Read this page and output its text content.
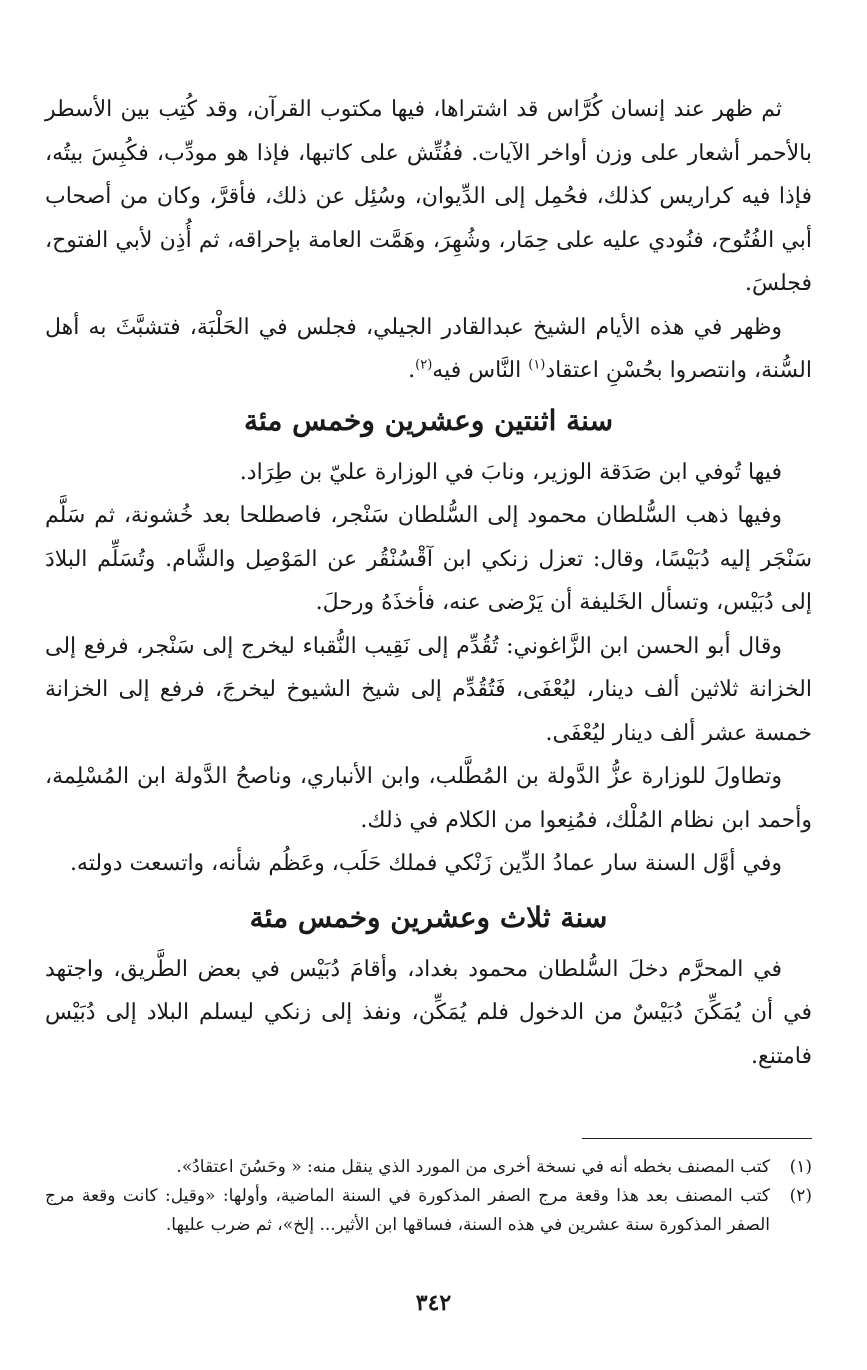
ثم ظهر عند إنسان كُرَّاس قد اشتراها، فيها مكتوب القرآن، وقد كُتِب بين الأسطر بالأحمر أشعار على وزن أواخر الآيات. ففُتِّش على كاتبها، فإذا هو مودِّب، فكُبِسَ بيتُه، فإذا فيه كراريس كذلك، فحُمِل إلى الدِّيوان، وسُئِل عن ذلك، فأقرَّ، وكان من أصحاب أبي الفُتُوح، فنُودي عليه على حِمَار، وشُهِرَ، وهَمَّت العامة بإحراقه، ثم أُذِن لأبي الفتوح، فجلسَ.

وظهر في هذه الأيام الشيخ عبدالقادر الجيلي، فجلس في الحَلْبَة، فتشبَّثَ به أهل السُّنة، وانتصروا بحُسْنِ اعتقاد$^{(١)}$ النَّاس فيه$^{(٢)}$.

سنة اثنتين وعشرين وخمس مئة

فيها تُوفي ابن صَدَقة الوزير، ونابَ في الوزارة عليّ بن طِرَاد.

وفيها ذهب السُّلطان محمود إلى السُّلطان سَنْجر، فاصطلحا بعد خُشونة، ثم سَلَّم سَنْجَر إليه دُبَيْسًا، وقال: تعزل زنكي ابن آقْسُنْقُر عن المَوْصِل والشَّام. وتُسَلِّم البلادَ إلى دُبَيْس، وتسأل الخَليفة أن يَرْضى عنه، فأخذَهُ ورحلَ.

وقال أبو الحسن ابن الزَّاغوني: تُقُدِّم إلى نَقِيب النُّقباء ليخرج إلى سَنْجر، فرفع إلى الخزانة ثلاثين ألف دينار، ليُعْفَى، فَتُقُدِّم إلى شيخ الشيوخ ليخرجَ، فرفع إلى الخزانة خمسة عشر ألف دينار ليُعْفَى.

وتطاولَ للوزارة عزُّ الدَّولة بن المُطَّلب، وابن الأنباري، وناصحُ الدَّولة ابن المُسْلِمة، وأحمد ابن نظام المُلْك، فمُنِعوا من الكلام في ذلك.

وفي أوَّل السنة سار عمادُ الدِّين زَنْكي فملك حَلَب، وعَظُم شأنه، واتسعت دولته.

سنة ثلاث وعشرين وخمس مئة

في المحرَّم دخلَ السُّلطان محمود بغداد، وأقامَ دُبَيْس في بعض الطَّريق، واجتهد في أن يُمَكِّنَ دُبَيْسٌ من الدخول فلم يُمَكِّن، ونفذ إلى زنكي ليسلم البلاد إلى دُبَيْس فامتنع.

(١)
كتب المصنف بخطه أنه في نسخة أخرى من المورد الذي ينقل منه: « وحَسُنَ اعتقادُ».

(٢)
كتب المصنف بعد هذا وقعة مرج الصفر المذكورة في السنة الماضية، وأولها: «وقيل: كانت وقعة مرج الصفر المذكورة سنة عشرين في هذه السنة، فساقها ابن الأثير... إلخ»، ثم ضرب عليها.

٣٤٢
